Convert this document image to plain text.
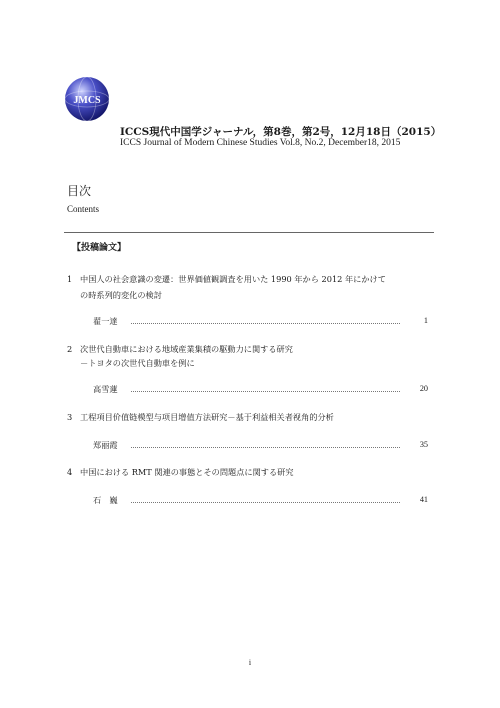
JMCS
ICCS現代中国学ジャーナル，第8巻，第2号，12月18日（2015）
ICCS Journal of Modern Chinese Studies Vol.8, No.2, December18, 2015
目次
Contents
【投稿論文】
1 中国人の社会意識の変遷：世界価値観調査を用いた 1990 年から 2012 年にかけて
の時系列的変化の検討
翟一達	1
2 次世代自動車における地域産業集積の駆動力に関する研究
－トヨタの次世代自動車を例に
高雪蓮	20
3 工程項目价值链模型与项目增值方法研究－基于利益相关者视角的分析
郑丽霞	35
4 中国における RMT 関連の事態とその問題点に関する研究
石　巍	41
i
